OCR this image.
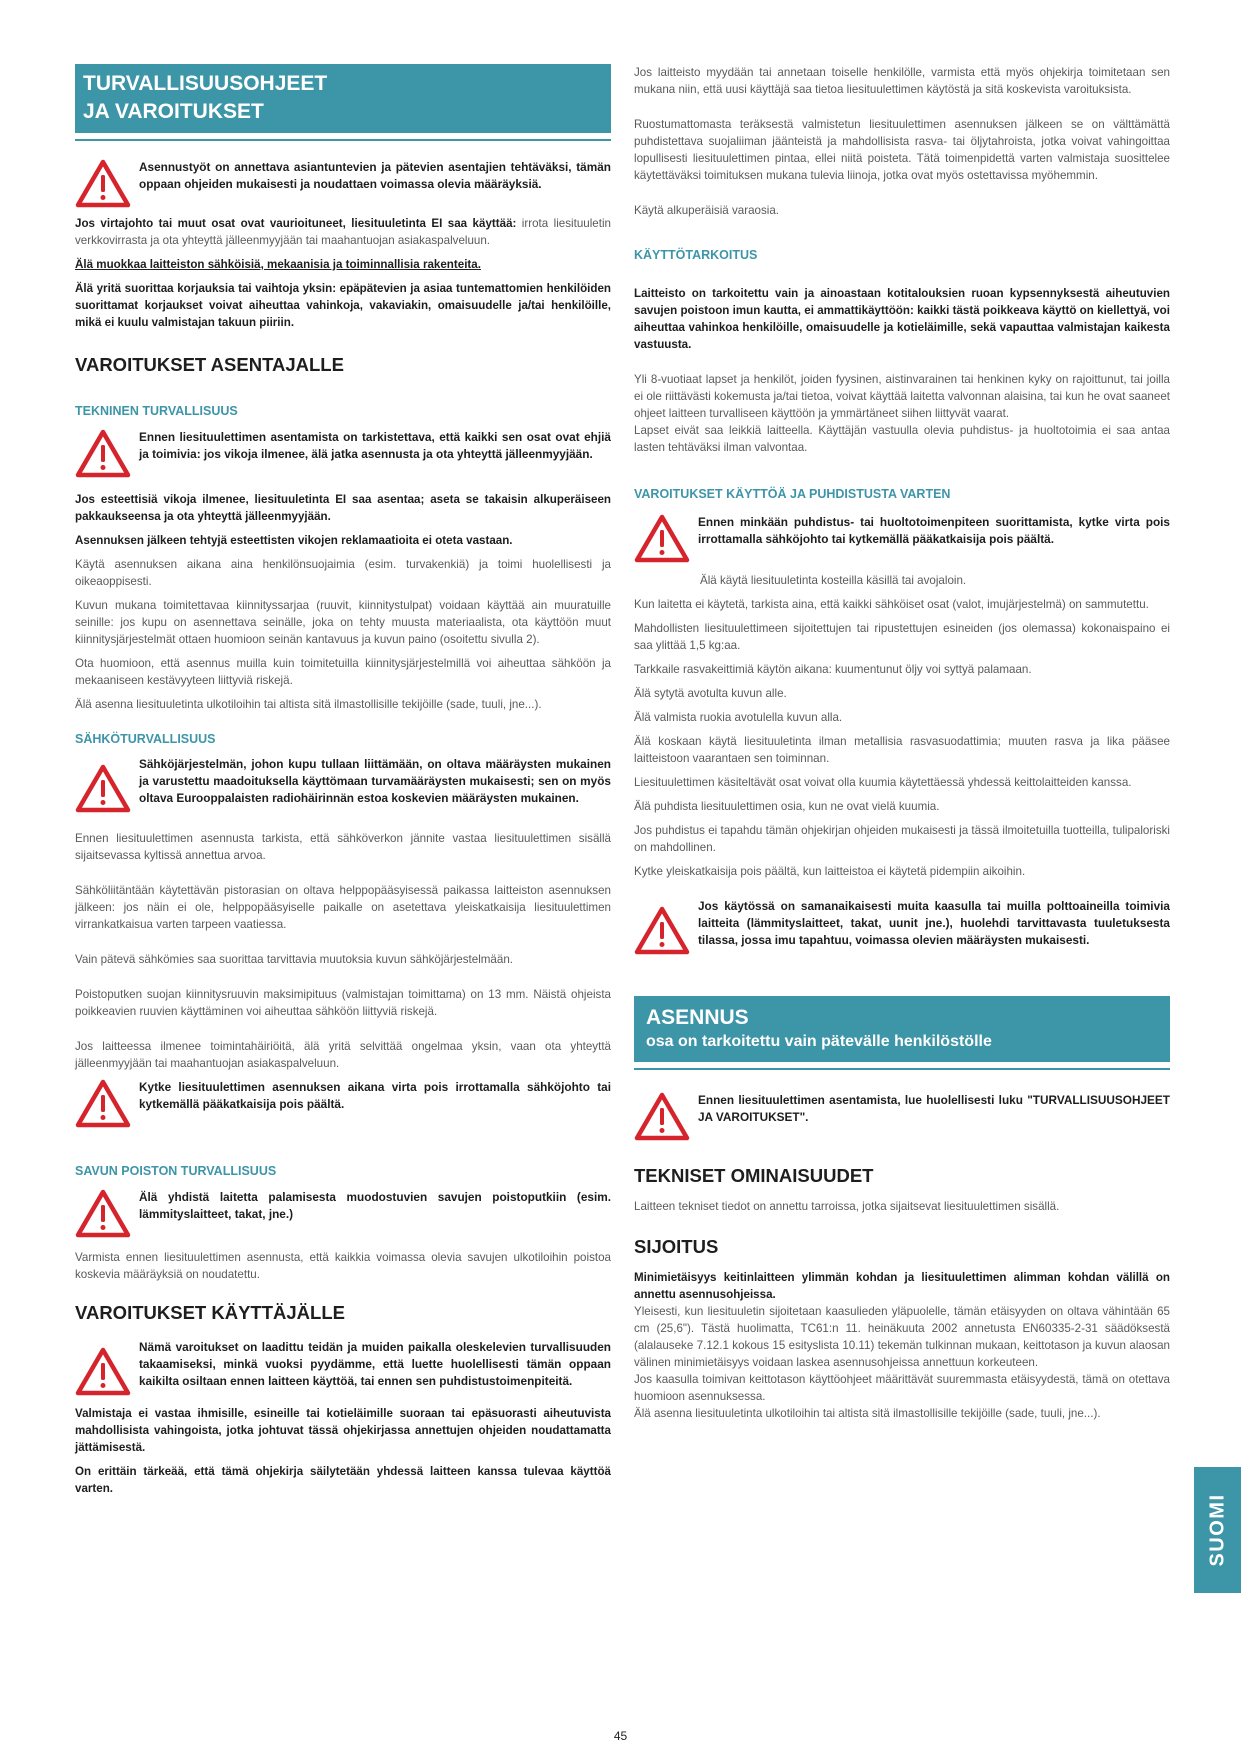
TURVALLISUUSOHJEET
JA VAROITUKSET
Asennustyöt on annettava asiantuntevien ja pätevien asentajien tehtäväksi, tämän oppaan ohjeiden mukaisesti ja noudattaen voimassa olevia määräyksiä.

Jos virtajohto tai muut osat ovat vaurioituneet, liesituuletinta EI saa käyttää: irrota liesituuletin verkkovirrasta ja ota yhteyttä jälleenmyyjään tai maahantuojan asiakaspalveluun.

Älä muokkaa laitteiston sähköisiä, mekaanisia ja toiminnallisia rakenteita.

Älä yritä suorittaa korjauksia tai vaihtoja yksin: epäpätevien ja asiaa tuntemattomien henkilöiden suorittamat korjaukset voivat aiheuttaa vahinkoja, vakaviakin, omaisuudelle ja/tai henkilöille, mikä ei kuulu valmistajan takuun piiriin.

VAROITUKSET ASENTAJALLE
TEKNINEN TURVALLISUUS
Ennen liesituulettimen asentamista on tarkistettava, että kaikki sen osat ovat ehjiä ja toimivia: jos vikoja ilmenee, älä jatka asennusta ja ota yhteyttä jälleenmyyjään.

Jos esteettisiä vikoja ilmenee, liesituuletinta EI saa asentaa; aseta se takaisin alkuperäiseen pakkaukseensa ja ota yhteyttä jälleenmyyjään.

Asennuksen jälkeen tehtyjä esteettisten vikojen reklamaatioita ei oteta vastaan.

Käytä asennuksen aikana aina henkilönsuojaimia (esim. turvakenkiä) ja toimi huolellisesti ja oikeaoppisesti.

Kuvun mukana toimitettavaa kiinnityssarjaa (ruuvit, kiinnitystulpat) voidaan käyttää ain muuratuille seinille: jos kupu on asennettava seinälle, joka on tehty muusta materiaalista, ota käyttöön muut kiinnitysjärjestelmät ottaen huomioon seinän kantavuus ja kuvun paino (osoitettu sivulla 2).

Ota huomioon, että asennus muilla kuin toimitetuilla kiinnitysjärjestelmillä voi aiheuttaa sähköön ja mekaaniseen kestävyyteen liittyviä riskejä.

Älä asenna liesituuletinta ulkotiloihin tai altista sitä ilmastollisille tekijöille (sade, tuuli, jne...).

SÄHKÖTURVALLISUUS
Sähköjärjestelmän, johon kupu tullaan liittämään, on oltava määräysten mukainen ja varustettu maadoituksella käyttömaan turvamääräysten mukaisesti; sen on myös oltava Eurooppalaisten radiohäirinnän estoa koskevien määräysten mukainen.

Ennen liesituulettimen asennusta tarkista, että sähköverkon jännite vastaa liesituulettimen sisällä sijaitsevassa kyltissä annettua arvoa.

Sähköliitäntään käytettävän pistorasian on oltava helppopääsyisessä paikassa laitteiston asennuksen jälkeen: jos näin ei ole, helppopääsyiselle paikalle on asetettava yleiskatkaisija liesituulettimen virrankatkaisua varten tarpeen vaatiessa.

Vain pätevä sähkömies saa suorittaa tarvittavia muutoksia kuvun sähköjärjestelmään.

Poistoputken suojan kiinnitysruuvin maksimipituus (valmistajan toimittama) on 13 mm. Näistä ohjeista poikkeavien ruuvien käyttäminen voi aiheuttaa sähköön liittyviä riskejä.

Jos laitteessa ilmenee toimintahäiriöitä, älä yritä selvittää ongelmaa yksin, vaan ota yhteyttä jälleenmyyjään tai maahantuojan asiakaspalveluun.

Kytke liesituulettimen asennuksen aikana virta pois irrottamalla sähköjohto tai kytkemällä pääkatkaisija pois päältä.
SAVUN POISTON TURVALLISUUS
Älä yhdistä laitetta palamisesta muodostuvien savujen poistoputkiin (esim. lämmityslaitteet, takat, jne.)

Varmista ennen liesituulettimen asennusta, että kaikkia voimassa olevia savujen ulkotiloihin poistoa koskevia määräyksiä on noudatettu.

VAROITUKSET KÄYTTÄJÄLLE
Nämä varoitukset on laadittu teidän ja muiden paikalla oleskelevien turvallisuuden takaamiseksi, minkä vuoksi pyydämme, että luette huolellisesti tämän oppaan kaikilta osiltaan ennen laitteen käyttöä, tai ennen sen puhdistustoimenpiteitä.

Valmistaja ei vastaa ihmisille, esineille tai kotieläimille suoraan tai epäsuorasti aiheutuvista mahdollisista vahingoista, jotka johtuvat tässä ohjekirjassa annettujen ohjeiden noudattamatta jättämisestä.

On erittäin tärkeää, että tämä ohjekirja säilytetään yhdessä laitteen kanssa tulevaa käyttöä varten.

Jos laitteisto myydään tai annetaan toiselle henkilölle, varmista että myös ohjekirja toimitetaan sen mukana niin, että uusi käyttäjä saa tietoa liesituulettimen käytöstä ja sitä koskevista varoituksista.

Ruostumattomasta teräksestä valmistetun liesituulettimen asennuksen jälkeen se on välttämättä puhdistettava suojaliiman jäänteistä ja mahdollisista rasva- tai öljytahroista, jotka voivat vahingoittaa lopullisesti liesituulettimen pintaa, ellei niitä poisteta. Tätä toimenpidettä varten valmistaja suosittelee käytettäväksi toimituksen mukana tulevia liinoja, jotka ovat myös ostettavissa myöhemmin.

Käytä alkuperäisiä varaosia.

KÄYTTÖTARKOITUS

Laitteisto on tarkoitettu vain ja ainoastaan kotitalouksien ruoan kypsennyksestä aiheutuvien savujen poistoon imun kautta, ei ammattikäyttöön: kaikki tästä poikkeava käyttö on kiellettyä, voi aiheuttaa vahinkoa henkilöille, omaisuudelle ja kotieläimille, sekä vapauttaa valmistajan kaikesta vastuusta.

Yli 8-vuotiaat lapset ja henkilöt, joiden fyysinen, aistinvarainen tai henkinen kyky on rajoittunut, tai joilla ei ole riittävästi kokemusta ja/tai tietoa, voivat käyttää laitetta valvonnan alaisina, tai kun he ovat saaneet ohjeet laitteen turvalliseen käyttöön ja ymmärtäneet siihen liittyvät vaarat.

Lapset eivät saa leikkiä laitteella. Käyttäjän vastuulla olevia puhdistus- ja huoltotoimia ei saa antaa lasten tehtäväksi ilman valvontaa.

VAROITUKSET KÄYTTÖÄ JA PUHDISTUSTA VARTEN
Ennen minkään puhdistus- tai huoltotoimenpiteen suorittamista, kytke virta pois irrottamalla sähköjohto tai kytkemällä pääkatkaisija pois päältä.

Älä käytä liesituuletinta kosteilla käsillä tai avojaloin.

Kun laitetta ei käytetä, tarkista aina, että kaikki sähköiset osat (valot, imujärjestelmä) on sammutettu.

Mahdollisten liesituulettimeen sijoitettujen tai ripustettujen esineiden (jos olemassa) kokonaispaino ei saa ylittää 1,5 kg:aa.

Tarkkaile rasvakeittimiä käytön aikana: kuumentunut öljy voi syttyä palamaan.

Älä sytytä avotulta kuvun alle.

Älä valmista ruokia avotulella kuvun alla.

Älä koskaan käytä liesituuletinta ilman metallisia rasvasuodattimia; muuten rasva ja lika pääsee laitteistoon vaarantaen sen toiminnan.

Liesituulettimen käsiteltävät osat voivat olla kuumia käytettäessä yhdessä keittolaitteiden kanssa.

Älä puhdista liesituulettimen osia, kun ne ovat vielä kuumia.

Jos puhdistus ei tapahdu tämän ohjekirjan ohjeiden mukaisesti ja tässä ilmoitetuilla tuotteilla, tulipaloriski on mahdollinen.

Kytke yleiskatkaisija pois päältä, kun laitteistoa ei käytetä pidempiin aikoihin.

Jos käytössä on samanaikaisesti muita kaasulla tai muilla polttoaineilla toimivia laitteita (lämmityslaitteet, takat, uunit jne.), huolehdi tarvittavasta tuuletuksesta tilassa, jossa imu tapahtuu, voimassa olevien määräysten mukaisesti.
ASENNUS
osa on tarkoitettu vain pätevälle henkilöstölle
Ennen liesituulettimen asentamista, lue huolellisesti luku "TURVALLISUUSOHJEET JA VAROITUKSET".
TEKNISET OMINAISUUDET

Laitteen tekniset tiedot on annettu tarroissa, jotka sijaitsevat liesituulettimen sisällä.

SIJOITUS

Minimietäisyys keitinlaitteen ylimmän kohdan ja liesituulettimen alimman kohdan välillä on annettu asennusohjeissa.

Yleisesti, kun liesituuletin sijoitetaan kaasulieden yläpuolelle, tämän etäisyyden on oltava vähintään 65 cm (25,6"). Tästä huolimatta, TC61:n 11. heinäkuuta 2002 annetusta EN60335-2-31 säädöksestä (alalauseke 7.12.1 kokous 15 esityslista 10.11) tekemän tulkinnan mukaan, keittotason ja kuvun alaosan välinen minimietäisyys voidaan laskea asennusohjeissa annettuun korkeuteen.

Jos kaasulla toimivan keittotason käyttöohjeet määrittävät suuremmasta etäisyydestä, tämä on otettava huomioon asennuksessa.

Älä asenna liesituuletinta ulkotiloihin tai altista sitä ilmastollisille tekijöille (sade, tuuli, jne...).

SUOMI
45
